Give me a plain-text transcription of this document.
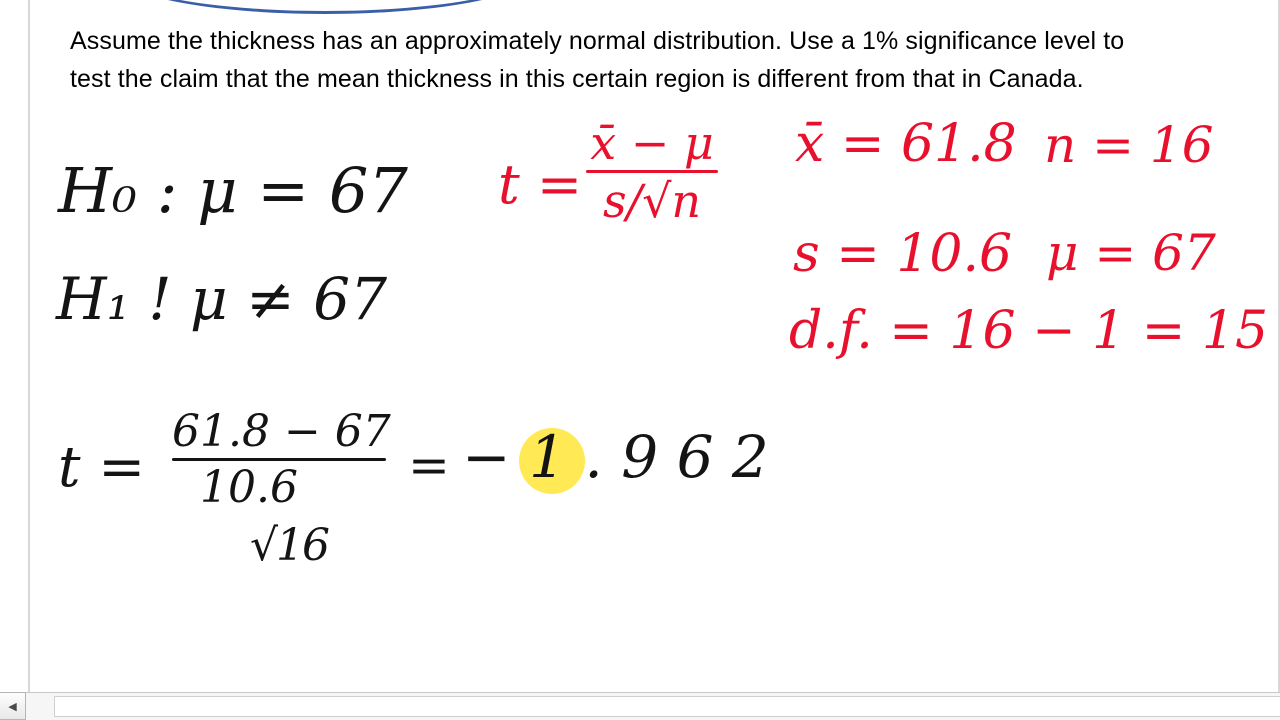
Assume the thickness has an approximately normal distribution. Use a 1% significance level to test the claim that the mean thickness in this certain region is different from that in Canada.
H₀ : 𝜇 = 67
H₁ ! 𝜇 ≠ 67
t =
x̄ − 𝜇
s/√n
x̄ = 61.8 n = 16
s = 10.6 𝜇 = 67
d.f. = 16 − 1 = 15
t =
61.8 − 67
10.6
√16
= − 1 . 9 6 2
◀
